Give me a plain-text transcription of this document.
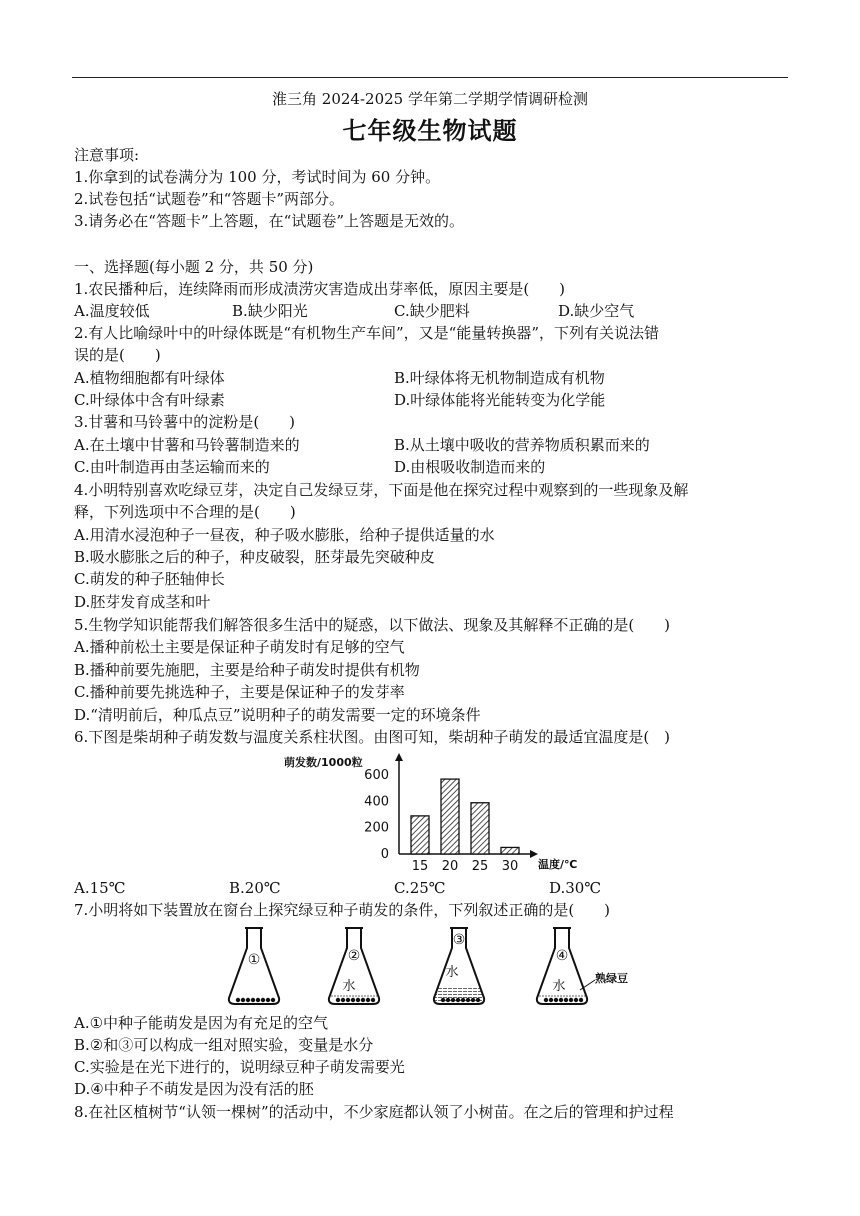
淮三角 2024-2025 学年第二学期学情调研检测
七年级生物试题
注意事项:
1.你拿到的试卷满分为 100 分，考试时间为 60 分钟。
2.试卷包括“试题卷”和“答题卡”两部分。
3.请务必在“答题卡”上答题，在“试题卷”上答题是无效的。
一、选择题(每小题 2 分，共 50 分)
1.农民播种后，连续降雨而形成渍涝灾害造成出芽率低，原因主要是(　　)
A.温度较低	B.缺少阳光	C.缺少肥料	D.缺少空气
2.有人比喻绿叶中的叶绿体既是“有机物生产车间”，又是“能量转换器”，下列有关说法错
误的是(　　)
A.植物细胞都有叶绿体	B.叶绿体将无机物制造成有机物
C.叶绿体中含有叶绿素	D.叶绿体能将光能转变为化学能
3.甘薯和马铃薯中的淀粉是(　　)
A.在土壤中甘薯和马铃薯制造来的	B.从土壤中吸收的营养物质积累而来的
C.由叶制造再由茎运输而来的	D.由根吸收制造而来的
4.小明特别喜欢吃绿豆芽，决定自己发绿豆芽，下面是他在探究过程中观察到的一些现象及解
释，下列选项中不合理的是(　　)
A.用清水浸泡种子一昼夜，种子吸水膨胀，给种子提供适量的水
B.吸水膨胀之后的种子，种皮破裂，胚芽最先突破种皮
C.萌发的种子胚轴伸长
D.胚芽发育成茎和叶
5.生物学知识能帮我们解答很多生活中的疑惑，以下做法、现象及其解释不正确的是(　　)
A.播种前松土主要是保证种子萌发时有足够的空气
B.播种前要先施肥，主要是给种子萌发时提供有机物
C.播种前要先挑选种子，主要是保证种子的发芽率
D.“清明前后，种瓜点豆”说明种子的萌发需要一定的环境条件
6.下图是柴胡种子萌发数与温度关系柱状图。由图可知，柴胡种子萌发的最适宜温度是(　)
萌发数/1000粒
温度/℃
0
200
400
600
15 20 25 30
A.15℃	B.20℃	C.25℃	D.30℃
7.小明将如下装置放在窗台上探究绿豆种子萌发的条件，下列叙述正确的是(　　)
①	②
水
③
水
④
水
熟绿豆
A.①中种子能萌发是因为有充足的空气
B.②和③可以构成一组对照实验，变量是水分
C.实验是在光下进行的，说明绿豆种子萌发需要光
D.④中种子不萌发是因为没有活的胚
8.在社区植树节“认领一棵树”的活动中，不少家庭都认领了小树苗。在之后的管理和护过程
